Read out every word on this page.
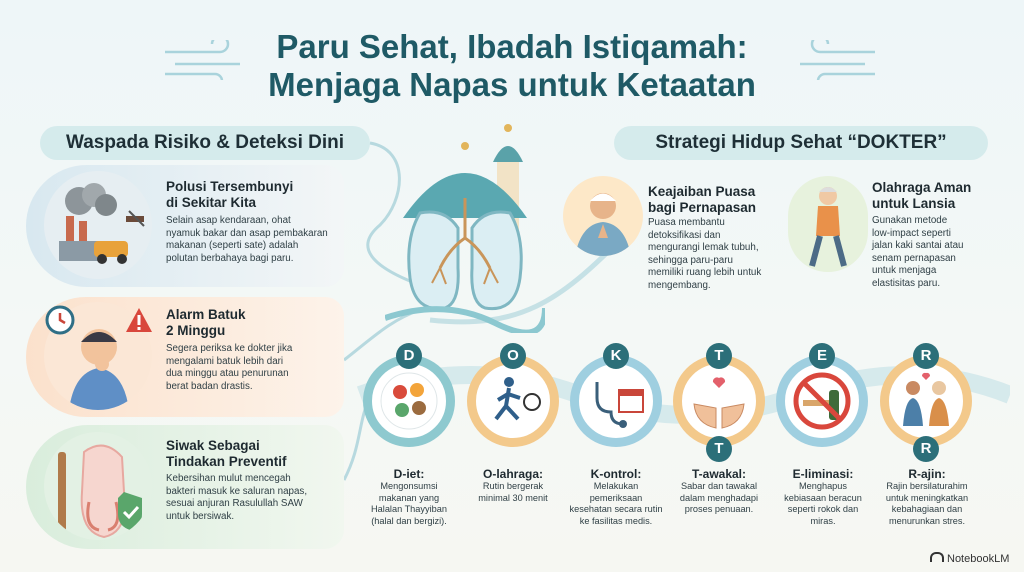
Paru Sehat, Ibadah Istiqamah:
Menjaga Napas untuk Ketaatan
Waspada Risiko & Deteksi Dini	Strategi Hidup Sehat “DOKTER”
Polusi Tersembunyi
di Sekitar Kita
Selain asap kendaraan, ohat
nyamuk bakar dan asap pembakaran
makanan (seperti sate) adalah
polutan berbahaya bagi paru.
Alarm Batuk
2 Minggu
Segera periksa ke dokter jika
mengalami batuk lebih dari
dua minggu atau penurunan
berat badan drastis.
Siwak Sebagai
Tindakan Preventif
Kebersihan mulut mencegah
bakteri masuk ke saluran napas,
sesuai anjuran Rasulullah SAW
untuk bersiwak.
Keajaiban Puasa
bagi Pernapasan
Puasa membantu
detoksifikasi dan
mengurangi lemak tubuh,
sehingga paru-paru
memiliki ruang lebih untuk
mengembang.
Olahraga Aman
untuk Lansia
Gunakan metode
low-impact seperti
jalan kaki santai atau
senam pernapasan
untuk menjaga
elastisitas paru.
D
D-iet:
Mengonsumsi
makanan yang
Halalan Thayyiban
(halal dan bergizi).
O
O-lahraga:
Rutin bergerak
minimal 30 menit
K
K-ontrol:
Melakukan
pemeriksaan
kesehatan secara rutin
ke fasilitas medis.
T
T
T-awakal:
Sabar dan tawakal
dalam menghadapi
proses penuaan.
E
E-liminasi:
Menghapus
kebiasaan beracun
seperti rokok dan
miras.
R
R
R-ajin:
Rajin bersilaturahim
untuk meningkatkan
kebahagiaan dan
menurunkan stres.
NotebookLM
